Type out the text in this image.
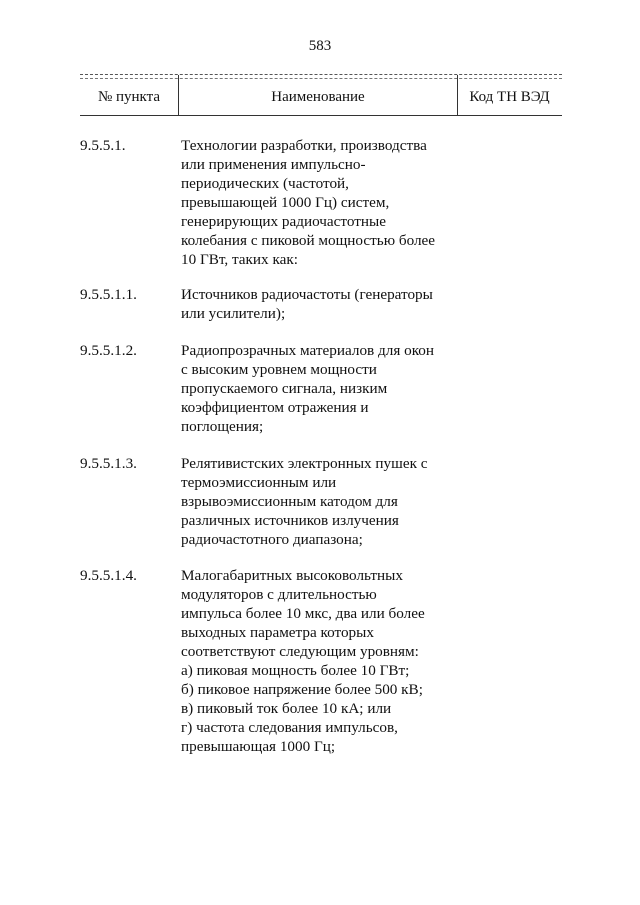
583
№ пункта	Наименование	Код ТН ВЭД
9.5.5.1.	Технологии разработки, производства
или применения импульсно-
периодических (частотой,
превышающей 1000 Гц) систем,
генерирующих радиочастотные
колебания с пиковой мощностью более
10 ГВт, таких как:
9.5.5.1.1.	Источников радиочастоты (генераторы
или усилители);
9.5.5.1.2.	Радиопрозрачных материалов для окон
с высоким уровнем мощности
пропускаемого сигнала, низким
коэффициентом отражения и
поглощения;
9.5.5.1.3.	Релятивистских электронных пушек с
термоэмиссионным или
взрывоэмиссионным катодом для
различных источников излучения
радиочастотного диапазона;
9.5.5.1.4.	Малогабаритных высоковольтных
модуляторов с длительностью
импульса более 10 мкс, два или более
выходных параметра которых
соответствуют следующим уровням:
а) пиковая мощность более 10 ГВт;
б) пиковое напряжение более 500 кВ;
в) пиковый ток более 10 кА; или
г) частота следования импульсов,
превышающая 1000 Гц;
